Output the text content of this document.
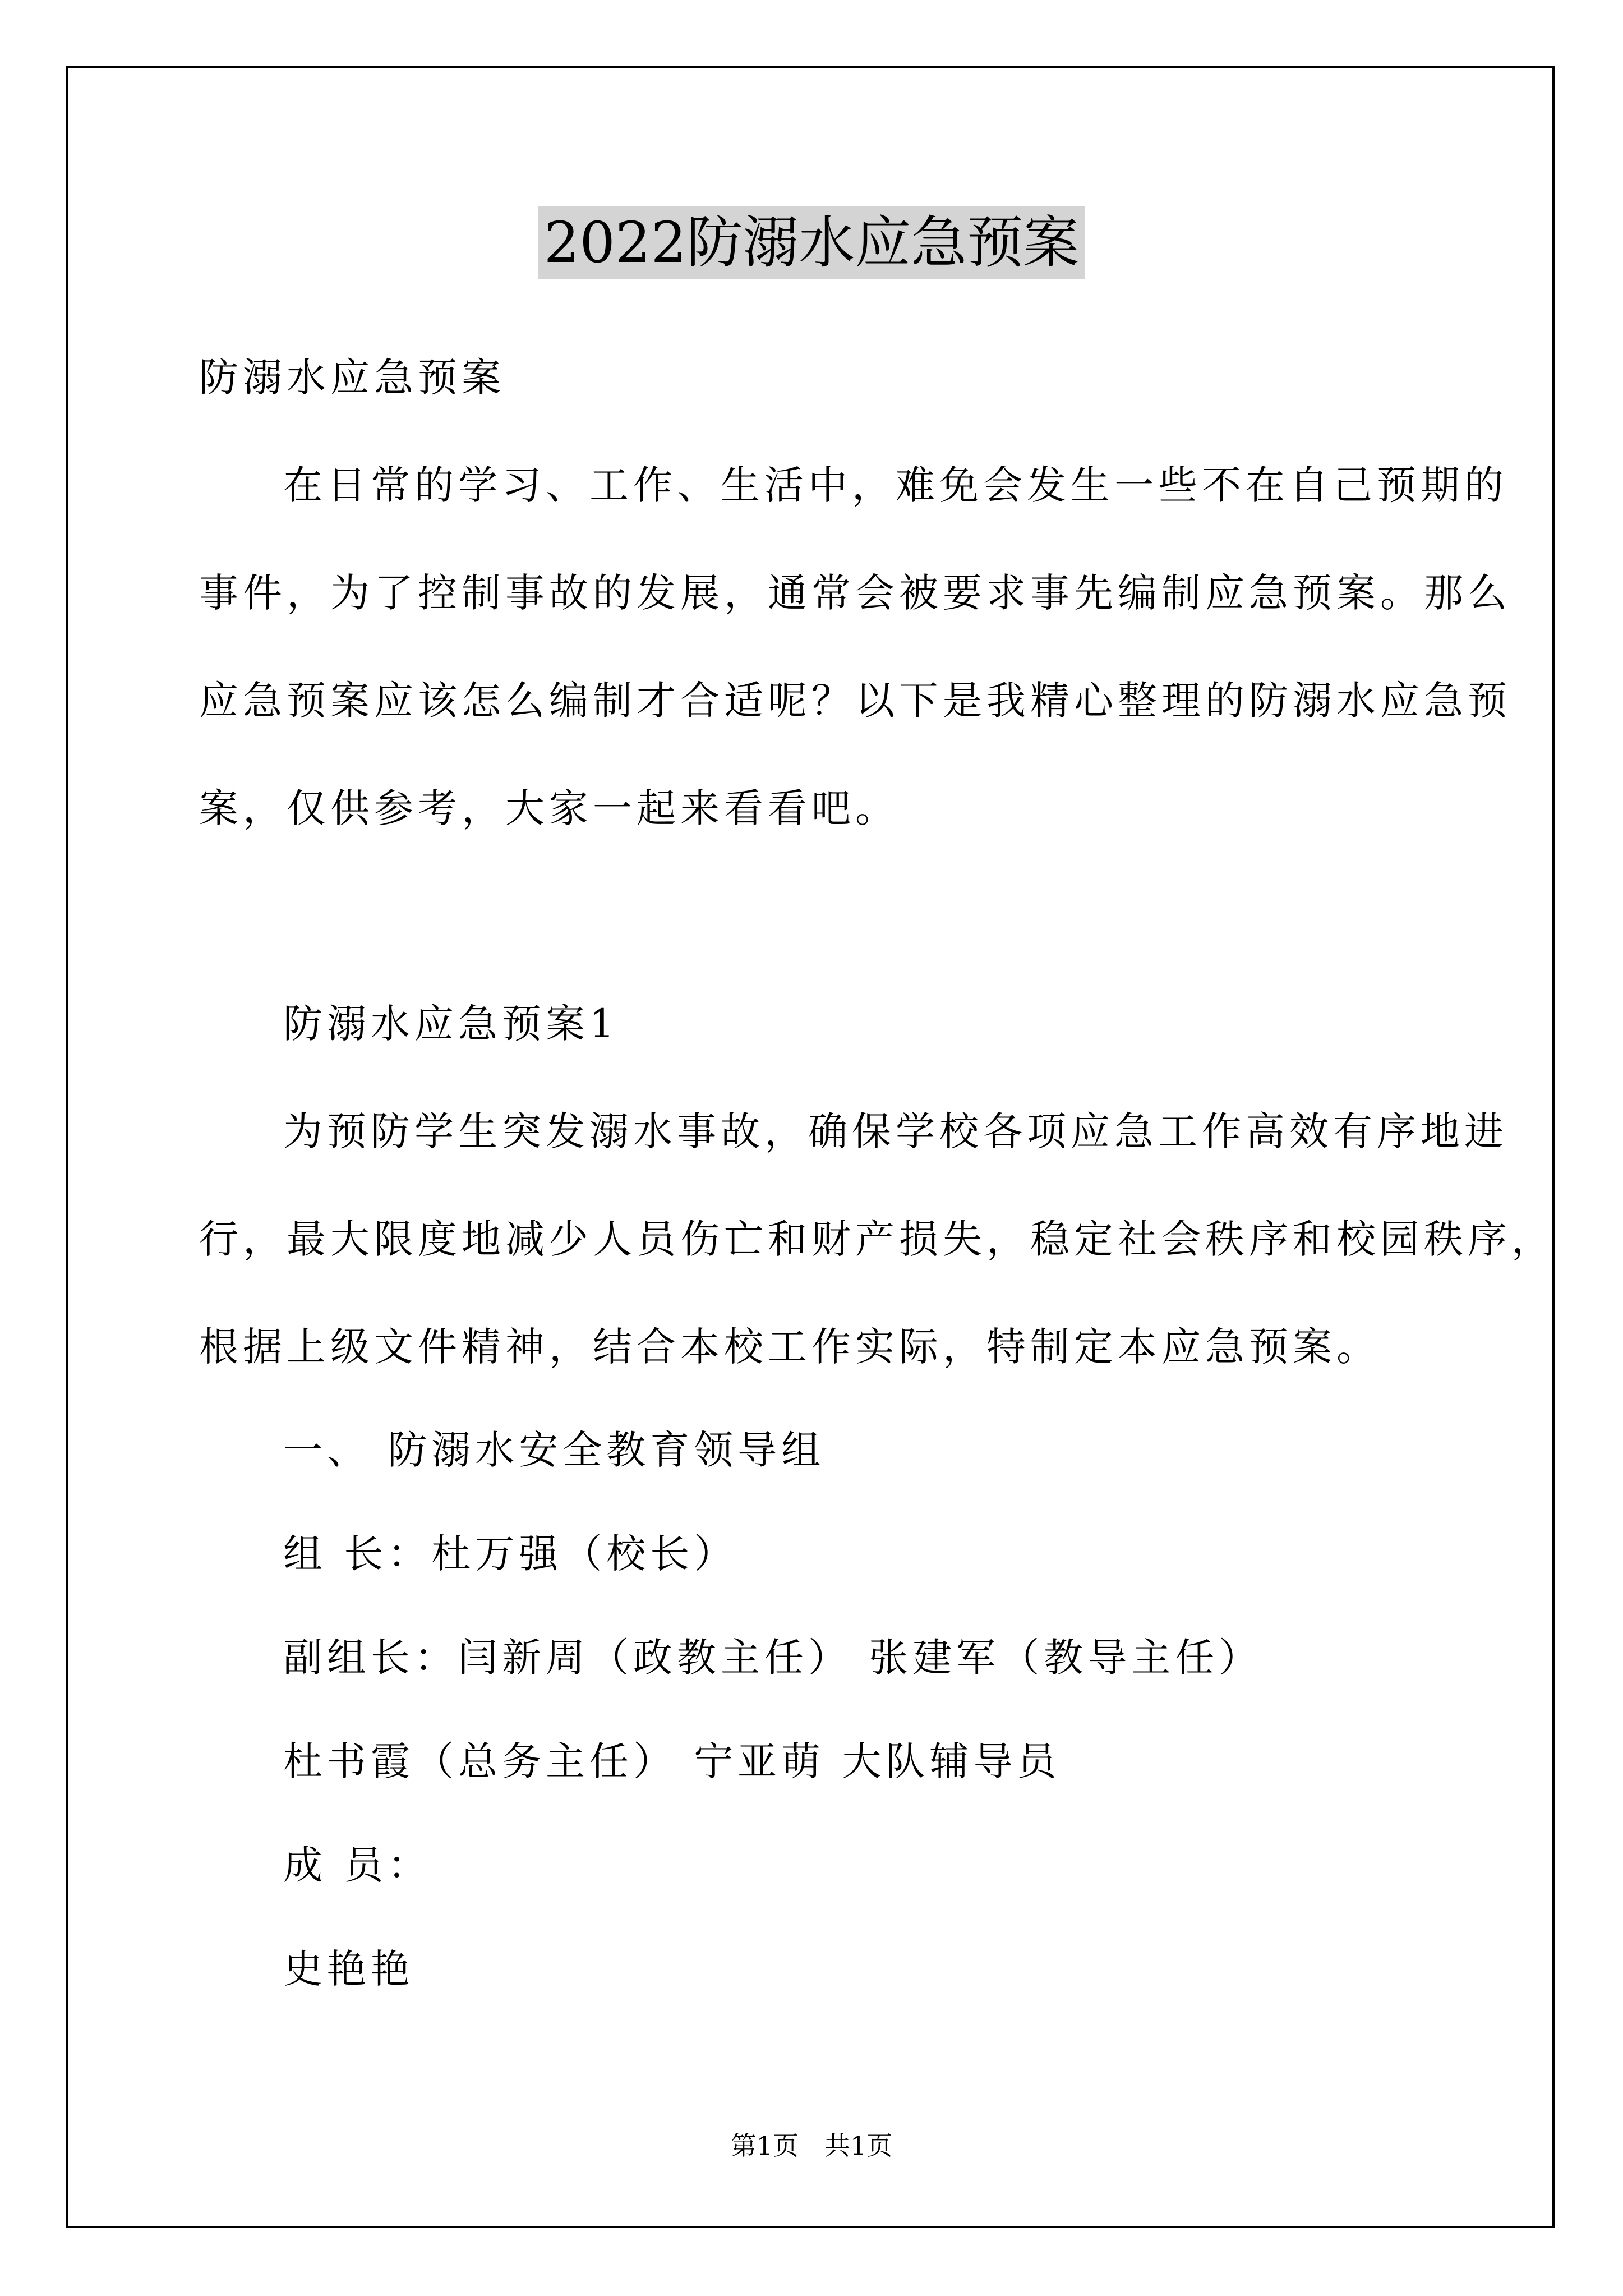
2022防溺水应急预案
防溺水应急预案
在日常的学习、工作、生活中，难免会发生一些不在自己预期的
事件，为了控制事故的发展，通常会被要求事先编制应急预案。那么
应急预案应该怎么编制才合适呢？以下是我精心整理的防溺水应急预
案，仅供参考，大家一起来看看吧。
防溺水应急预案1
为预防学生突发溺水事故，确保学校各项应急工作高效有序地进
行，最大限度地减少人员伤亡和财产损失，稳定社会秩序和校园秩序，
根据上级文件精神，结合本校工作实际，特制定本应急预案。
一、 防溺水安全教育领导组
组 长：杜万强（校长）
副组长：闫新周（政教主任） 张建军（教导主任）
杜书霞（总务主任） 宁亚萌 大队辅导员
成 员：
史艳艳
第1页　共1页
